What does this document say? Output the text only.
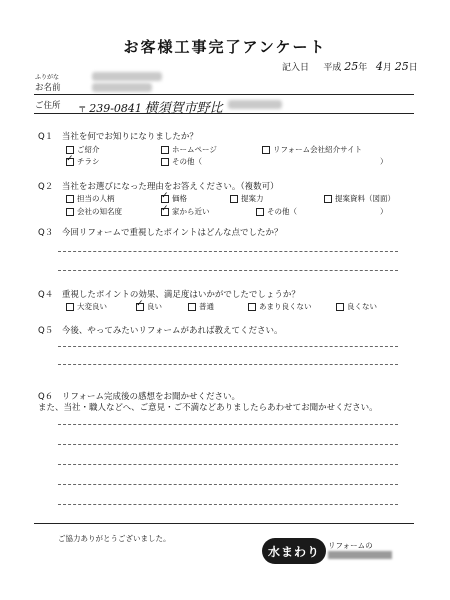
お客様工事完了アンケート
記入日 平成 25年 4月 25日
ふりがな
お名前
ご住所 〒 239-0841 横須賀市野比
Q１ 当社を何でお知りになりましたか？
ご紹介	ホームページ	リフォーム会社紹介サイト
✓
チラシ	その他（	）
Q２ 当社をお選びになった理由をお答えください。（複数可）
担当の人柄 ✓	価格	提案力	提案資料（図面）
会社の知名度 ✓	家から近い	その他（	）
Q３ 今回リフォームで重視したポイントはどんな点でしたか？
Q４ 重視したポイントの効果、満足度はいかがでしたでしょうか？
大変良い ✓	良い	普通	あまり良くない	良くない
Q５ 今後、やってみたいリフォームがあれば教えてください。
Q６ リフォーム完成後の感想をお聞かせください。
また、当社・職人などへ、ご意見・ご不満などありましたらあわせてお聞かせください。
ご協力ありがとうございました。
水まわり	リフォームの
